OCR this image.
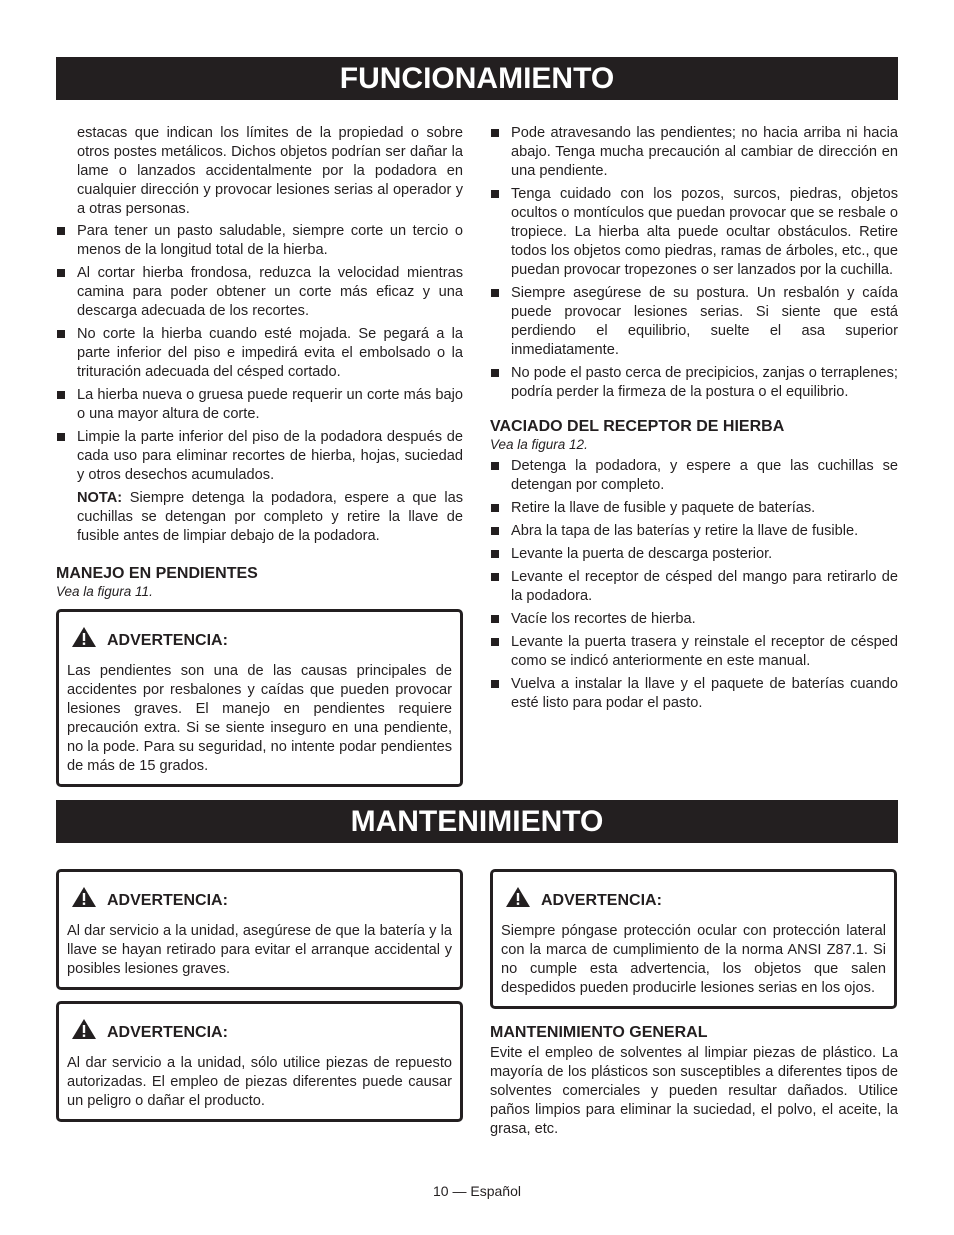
FUNCIONAMIENTO

estacas que indican los límites de la propiedad o sobre otros postes metálicos. Dichos objetos podrían ser dañar la lame o lanzados accidentalmente por la podadora en cualquier dirección y provocar lesiones serias al operador y a otras personas.

Para tener un pasto saludable, siempre corte un tercio o menos de la longitud total de la hierba.
Al cortar hierba frondosa, reduzca la velocidad mientras camina para poder obtener un corte más eficaz y una descarga adecuada de los recortes.
No corte la hierba cuando esté mojada. Se pegará a la parte inferior del piso e impedirá evita el embolsado o la trituración adecuada del césped cortado.
La hierba nueva o gruesa puede requerir un corte más bajo o una mayor altura de corte.
Limpie la parte inferior del piso de la podadora después de cada uso para eliminar recortes de hierba, hojas, suciedad y otros desechos acumulados.

NOTA: Siempre detenga la podadora, espere a que las cuchillas se detengan por completo y retire la llave de fusible antes de limpiar debajo de la podadora.

MANEJO EN PENDIENTES
Vea la figura 11.
ADVERTENCIA:
Las pendientes son una de las causas principales de accidentes por resbalones y caídas que pueden provocar lesiones graves. El manejo en pendientes requiere precaución extra. Si se siente inseguro en una pendiente, no la pode. Para su seguridad, no intente podar pendientes de más de 15 grados.
Pode atravesando las pendientes; no hacia arriba ni hacia abajo. Tenga mucha precaución al cambiar de dirección en una pendiente.
Tenga cuidado con los pozos, surcos, piedras, objetos ocultos o montículos que puedan provocar que se resbale o tropiece. La hierba alta puede ocultar obstáculos. Retire todos los objetos como piedras, ramas de árboles, etc., que puedan provocar tropezones o ser lanzados por la cuchilla.
Siempre asegúrese de su postura. Un resbalón y caída puede provocar lesiones serias. Si siente que está perdiendo el equilibrio, suelte el asa superior inmediatamente.
No pode el pasto cerca de precipicios, zanjas o terraplenes; podría perder la firmeza de la postura o el equilibrio.
VACIADO DEL RECEPTOR DE HIERBA
Vea la figura 12.
Detenga la podadora, y espere a que las cuchillas se detengan por completo.
Retire la llave de fusible y paquete de baterías.
Abra la tapa de las baterías y retire la llave de fusible.
Levante la puerta de descarga posterior.
Levante el receptor de césped del mango para retirarlo de la podadora.
Vacíe los recortes de hierba.
Levante la puerta trasera y reinstale el receptor de césped como se indicó anteriormente en este manual.
Vuelva a instalar la llave y el paquete de baterías cuando esté listo para podar el pasto.
MANTENIMIENTO
ADVERTENCIA:
Al dar servicio a la unidad, asegúrese de que la batería y la llave se hayan retirado para evitar el arranque accidental y posibles lesiones graves.
ADVERTENCIA:
Al dar servicio a la unidad, sólo utilice piezas de repuesto autorizadas. El empleo de piezas diferentes puede causar un peligro o dañar el producto.
ADVERTENCIA:
Siempre póngase protección ocular con protección lateral con la marca de cumplimiento de la norma ANSI Z87.1. Si no cumple esta advertencia, los objetos que salen despedidos pueden producirle lesiones serias en los ojos.
MANTENIMIENTO GENERAL

Evite el empleo de solventes al limpiar piezas de plástico. La mayoría de los plásticos son susceptibles a diferentes tipos de solventes comerciales y pueden resultar dañados. Utilice paños limpios para eliminar la suciedad, el polvo, el aceite, la grasa, etc.

10 — Español
